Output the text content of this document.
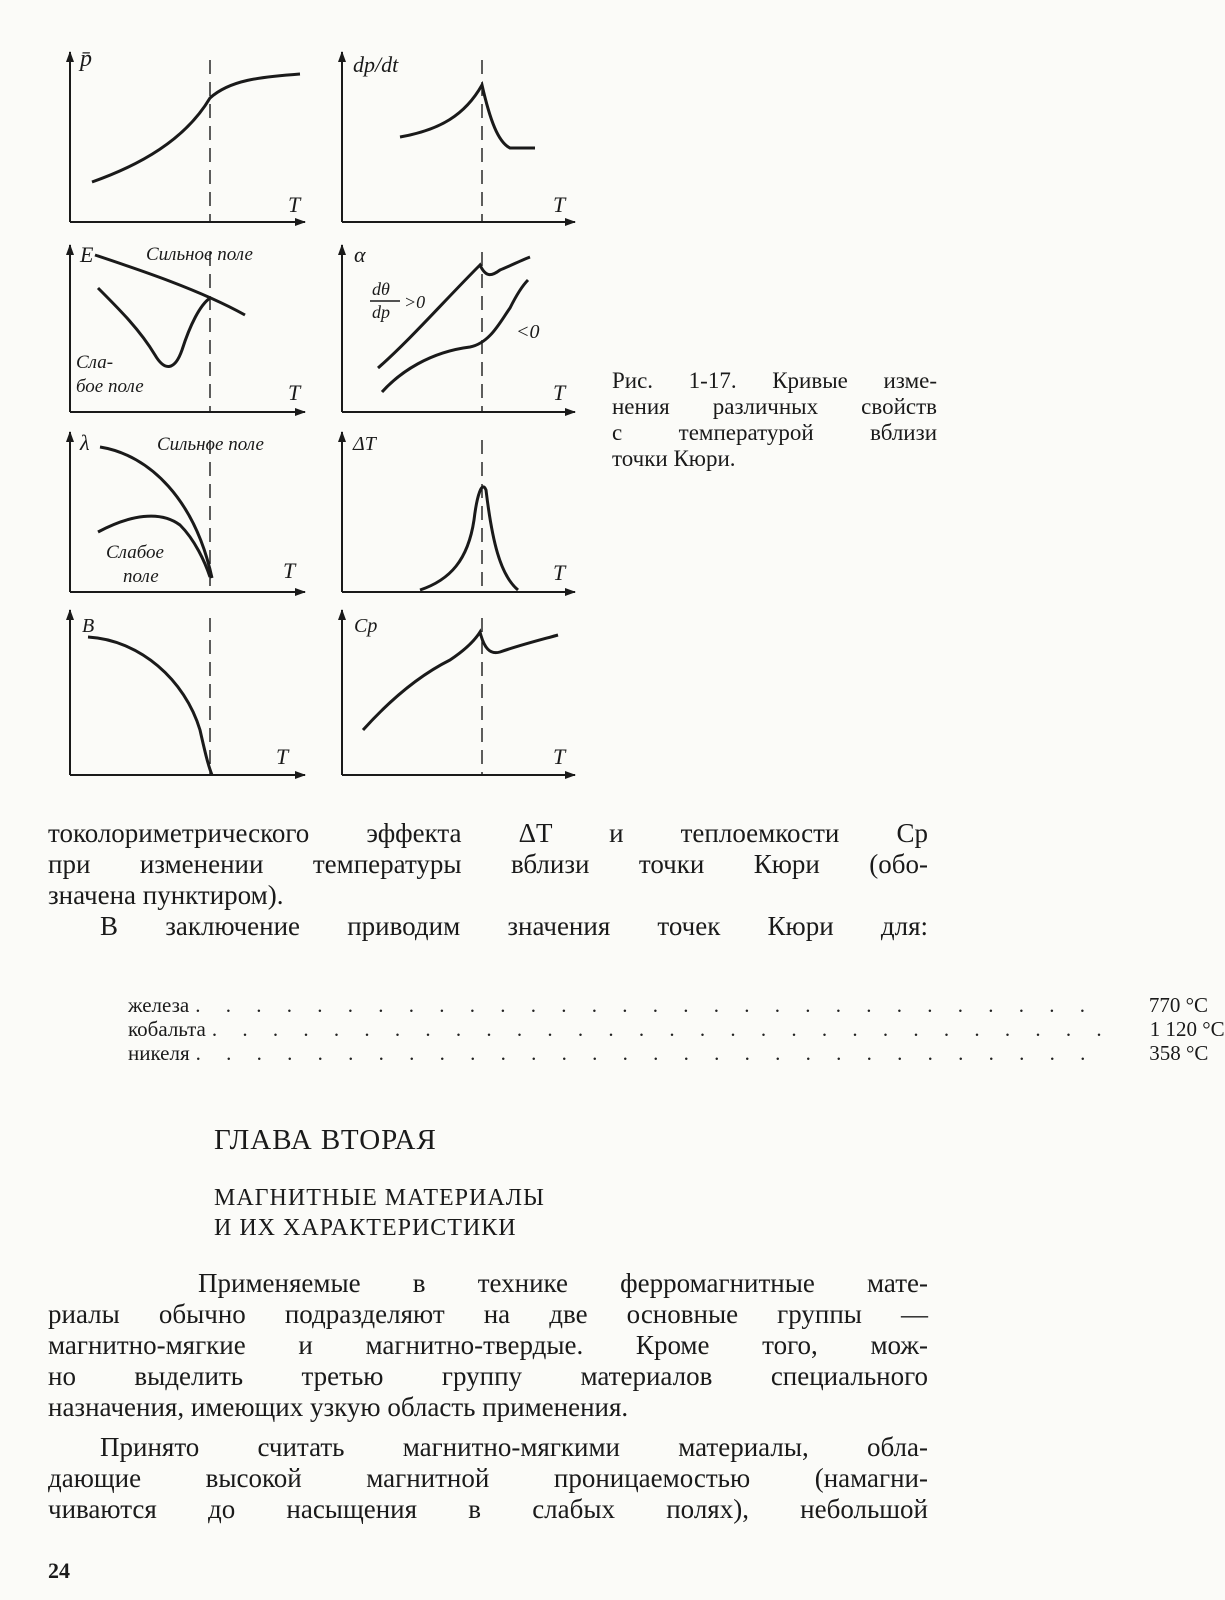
p̄
T
dp/dt
T
E
T
Сильное поле
Сла-
бое поле
α
T
dθ
dp >0
<0
λ
T
Сильное поле
Слабое
поле
ΔT
T
B
T
Cp
T
Рис. 1-17. Кривые изме-
нения различных свойств
с температурой вблизи
точки Кюри.
токолориметрического эффекта ΔT и теплоемкости Cp
при изменении температуры вблизи точки Кюри (обо-
значена пунктиром).
В заключение приводим значения точек Кюри для:
железа . . . . . . . . . . . . . . . . . . . . . . . . . . . . . .	770 °C
кобальта . . . . . . . . . . . . . . . . . . . . . . . . . . . . . .	1 120 °C
никеля . . . . . . . . . . . . . . . . . . . . . . . . . . . . . .	358 °C
ГЛАВА ВТОРАЯ
МАГНИТНЫЕ МАТЕРИАЛЫ
И ИХ ХАРАКТЕРИСТИКИ
Применяемые в технике ферромагнитные мате-
риалы обычно подразделяют на две основные группы —
магнитно-мягкие и магнитно-твердые. Кроме того, мож-
но выделить третью группу материалов специального
назначения, имеющих узкую область применения.
Принято считать магнитно-мягкими материалы, обла-
дающие высокой магнитной проницаемостью (намагни-
чиваются до насыщения в слабых полях), небольшой
24
